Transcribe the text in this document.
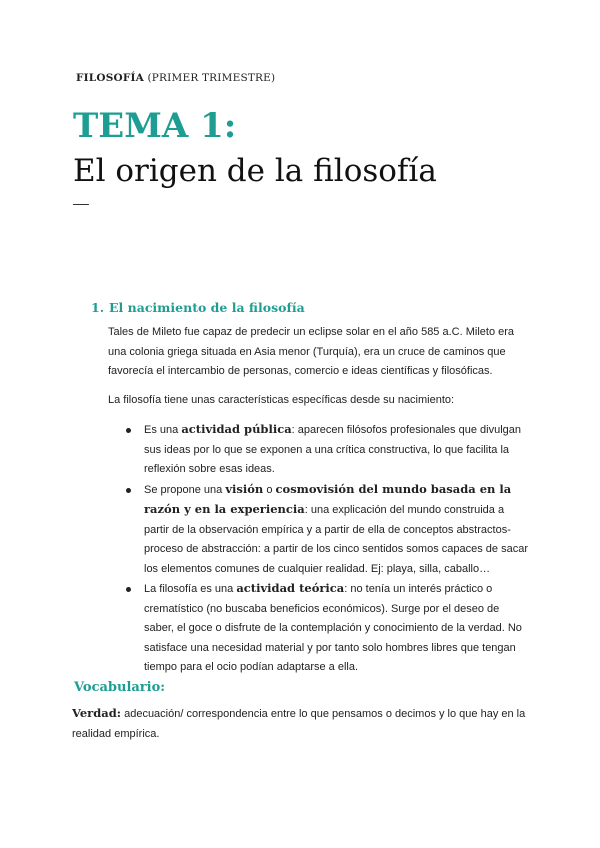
FILOSOFÍA (PRIMER TRIMESTRE)
TEMA 1:
El origen de la filosofía
1. El nacimiento de la filosofía
Tales de Mileto fue capaz de predecir un eclipse solar en el año 585 a.C. Mileto era una colonia griega situada en Asia menor (Turquía), era un cruce de caminos que favorecía el intercambio de personas, comercio e ideas científicas y filosóficas.
La filosofía tiene unas características específicas desde su nacimiento:
Es una actividad pública: aparecen filósofos profesionales que divulgan sus ideas por lo que se exponen a una crítica constructiva, lo que facilita la reflexión sobre esas ideas.
Se propone una visión o cosmovisión del mundo basada en la razón y en la experiencia: una explicación del mundo construida a partir de la observación empírica y a partir de ella de conceptos abstractos- proceso de abstracción: a partir de los cinco sentidos somos capaces de sacar los elementos comunes de cualquier realidad. Ej: playa, silla, caballo…
La filosofía es una actividad teórica: no tenía un interés práctico o crematístico (no buscaba beneficios económicos). Surge por el deseo de saber, el goce o disfrute de la contemplación y conocimiento de la verdad. No satisface una necesidad material y por tanto solo hombres libres que tengan tiempo para el ocio podían adaptarse a ella.
Vocabulario:
Verdad: adecuación/ correspondencia entre lo que pensamos o decimos y lo que hay en la realidad empírica.
